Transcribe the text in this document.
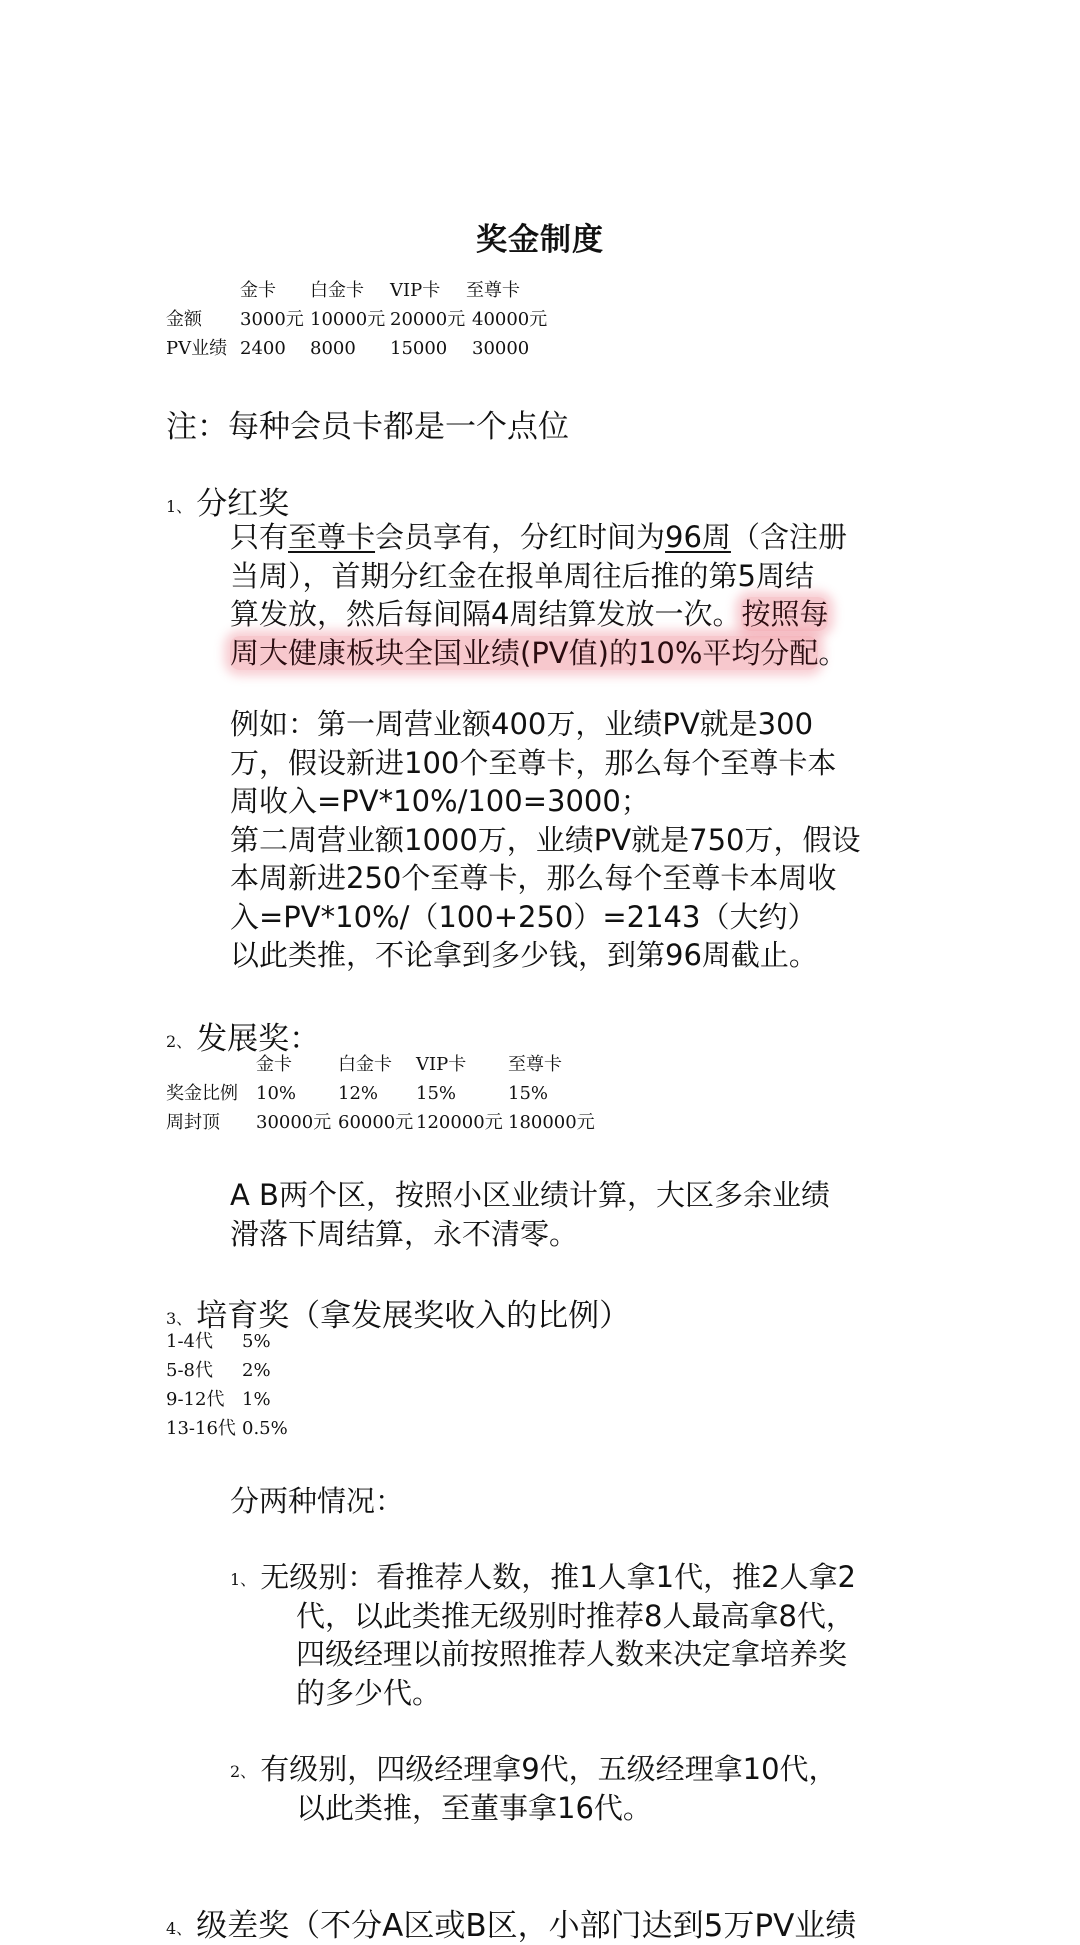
奖金制度
金卡 白金卡 VIP卡 至尊卡
金额 3000元 10000元 20000元 40000元
PV业绩 2400 8000 15000 30000
注：每种会员卡都是一个点位
1、 分红奖
只有至尊卡会员享有，分红时间为96周（含注册
当周），首期分红金在报单周往后推的第5周结
算发放，然后每间隔4周结算发放一次。按照每
周大健康板块全国业绩(PV值)的10%平均分配。
例如：第一周营业额400万，业绩PV就是300
万，假设新进100个至尊卡，那么每个至尊卡本
周收入=PV*10%/100=3000；
第二周营业额1000万，业绩PV就是750万，假设
本周新进250个至尊卡，那么每个至尊卡本周收
入=PV*10%/（100+250）=2143（大约）
以此类推，不论拿到多少钱，到第96周截止。
2、 发展奖：
金卡	白金卡 VIP卡 至尊卡
奖金比例 10% 12% 15%	15%
周封顶 30000元 60000元 120000元 180000元
A B两个区，按照小区业绩计算，大区多余业绩
滑落下周结算，永不清零。
3、 培育奖（拿发展奖收入的比例）
1-4代 5%
5-8代 2%
9-12代 1%
13-16代 0.5%
分两种情况：
1、 无级别：看推荐人数，推1人拿1代，推2人拿2
代，以此类推无级别时推荐8人最高拿8代，
四级经理以前按照推荐人数来决定拿培养奖
的多少代。
2、 有级别，四级经理拿9代，五级经理拿10代，
以此类推，至董事拿16代。
4、 级差奖（不分A区或B区，小部门达到5万PV业绩
